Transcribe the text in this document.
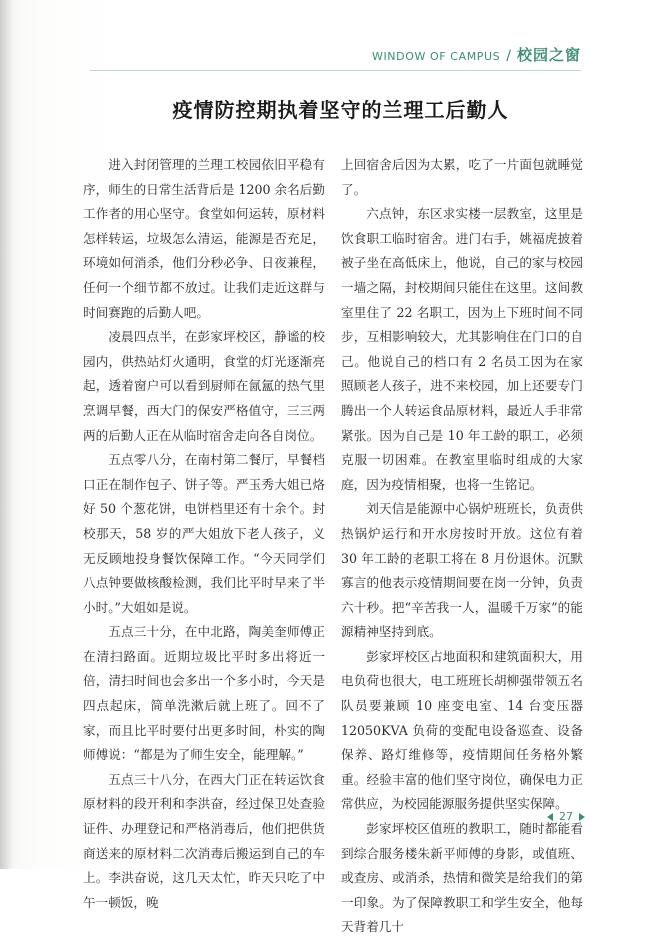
WINDOW OF CAMPUS / 校园之窗
疫情防控期执着坚守的兰理工后勤人

进入封闭管理的兰理工校园依旧平稳有序，师生的日常生活背后是 1200 余名后勤工作者的用心坚守。食堂如何运转，原材料怎样转运，垃圾怎么清运，能源是否充足，环境如何消杀，他们分秒必争、日夜兼程，任何一个细节都不放过。让我们走近这群与时间赛跑的后勤人吧。

凌晨四点半，在彭家坪校区，静谧的校园内，供热站灯火通明，食堂的灯光逐渐亮起，透着窗户可以看到厨师在氤氲的热气里烹调早餐，西大门的保安严格值守，三三两两的后勤人正在从临时宿舍走向各自岗位。

五点零八分，在南村第二餐厅，早餐档口正在制作包子、饼子等。严玉秀大姐已烙好 50 个葱花饼，电饼档里还有十余个。封校那天，58 岁的严大姐放下老人孩子，义无反顾地投身餐饮保障工作。“今天同学们八点钟要做核酸检测，我们比平时早来了半小时。”大姐如是说。

五点三十分，在中北路，陶美奎师傅正在清扫路面。近期垃圾比平时多出将近一倍，清扫时间也会多出一个多小时，今天是四点起床，简单洗漱后就上班了。回不了家，而且比平时要付出更多时间，朴实的陶师傅说：“都是为了师生安全，能理解。”

五点三十八分，在西大门正在转运饮食原材料的段开利和李洪奋，经过保卫处查验证件、办理登记和严格消毒后，他们把供货商送来的原材料二次消毒后搬运到自己的车上。李洪奋说，这几天太忙，昨天只吃了中午一顿饭，晚

上回宿舍后因为太累，吃了一片面包就睡觉了。

六点钟，东区求实楼一层教室，这里是饮食职工临时宿舍。进门右手，姚福虎披着被子坐在高低床上，他说，自己的家与校园一墙之隔，封校期间只能住在这里。这间教室里住了 22 名职工，因为上下班时间不同步，互相影响较大，尤其影响住在门口的自己。他说自己的档口有 2 名员工因为在家照顾老人孩子，进不来校园，加上还要专门腾出一个人转运食品原材料，最近人手非常紧张。因为自己是 10 年工龄的职工，必须克服一切困难。在教室里临时组成的大家庭，因为疫情相聚，也将一生铭记。

刘天信是能源中心锅炉班班长，负责供热锅炉运行和开水房按时开放。这位有着 30 年工龄的老职工将在 8 月份退休。沉默寡言的他表示疫情期间要在岗一分钟，负责六十秒。把“辛苦我一人，温暖千万家”的能源精神坚持到底。

彭家坪校区占地面积和建筑面积大，用电负荷也很大，电工班班长胡柳强带领五名队员要兼顾 10 座变电室、14 台变压器 12050KVA 负荷的变配电设备巡查、设备保养、路灯维修等，疫情期间任务格外繁重。经验丰富的他们坚守岗位，确保电力正常供应，为校园能源服务提供坚实保障。

彭家坪校区值班的教职工，随时都能看到综合服务楼朱新平师傅的身影，或值班、或查房、或消杀，热情和微笑是给我们的第一印象。为了保障教职工和学生安全，他每天背着几十

27
